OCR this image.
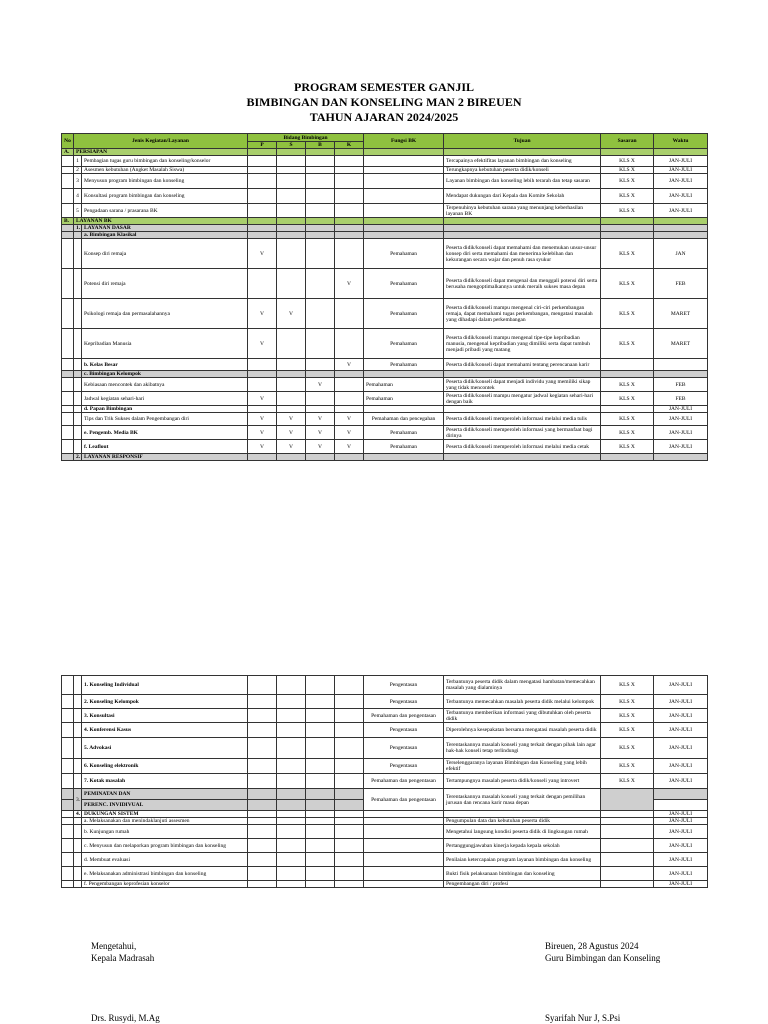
PROGRAM SEMESTER GANJIL
BIMBINGAN DAN KONSELING MAN 2 BIREUEN
TAHUN AJARAN 2024/2025
No	Jenis Kegiatan/Layanan		Bidang Bimbingan				Fungsi BK	Tujuan	Sasaran	Waktu
			P	S	B	K				
A.	PERSIAPAN									
	1	Pembagian tugas guru bimbingan dan konseling/konselor						Tercapainya efektifitas layanan bimbingan dan konseling	KLS X	JAN-JULI
	2	Asesmen kebutuhan (Angket Masalah Siswa)						Terungkapnya kebutuhan peserta didik/konseli	KLS X	JAN-JULI
	3	Menyusun program bimbingan dan konseling						Layanan bimbingan dan konseling lebih terarah dan tetap sasaran	KLS X	JAN-JULI
	4	Konsultasi program bimbingan dan konseling						Mendapat dukungan dari Kepala dan Komite Sekolah	KLS X	JAN-JULI
	5	Pengadaan sarana / prasarana BK						Terpenuhinya kebutuhan sarana yang menunjang keberhasilan layanan BK	KLS X	JAN-JULI
B.	LAYANAN BK									
	1.	LAYANAN DASAR								
		a. Bimbingan Klasikal								
		Konsep diri remaja	V				Pemahaman	Peserta didik/konseli dapat memahami dan menemukan unsur-unsur konsep diri serta memahami dan menerima kelebihan dan kekurangan secara wajar dan penuh rasa syukur	KLS X	JAN
		Potensi diri remaja				V	Pemahaman	Peserta didik/konseli dapat mengenal dan menggali potensi diri serta berusaha mengoptimalkannya untuk meraih sukses masa depan	KLS X	FEB
		Psikologi remaja dan permasalahannya	V	V			Pemahaman	Peserta didik/konseli mampu mengenal ciri-ciri perkembangan remaja, dapat memahami tugas perkembangan, mengatasi masalah yang dihadapi dalam perkembangan	KLS X	MARET
		Kepribadian Manusia	V				Pemahaman	Peserta didik/konseli mampu mengenal tipe-tipe kepribadian manusia, mengenal kepribadian yang dimiliki serta dapat tumbuh menjadi pribadi yang matang	KLS X	MARET
		b. Kelas Besar				V	Pemahaman	Peserta didik/konseli dapat memahami tentang perencanaan karir		
		c. Bimbingan Kelompok								
		Kebiasaan mencontek dan akibatnya			V		Pemahaman	Peserta didik/konseli dapat menjadi individu yang memiliki sikap yang tidak mencontek	KLS X	FEB
		Jadwal kegiatan sehari-hari	V				Pemahaman	Peserta didik/konseli mampu mengatur jadwal kegiatan sehari-hari dengan baik	KLS X	FEB
		d. Papan Bimbingan								JAN-JULI
		Tips dan Trik Sukses dalam Pengembangan diri	V	V	V	V	Pemahaman dan pencegahan	Peserta didik/konseli memperoleh informasi melalui media tulis	KLS X	JAN-JULI
		e. Pengemb. Media BK	V	V	V	V	Pemahaman	Peserta didik/konseli memperoleh informasi yang bermanfaat bagi dirinya	KLS X	JAN-JULI
		f. Leaflout	V	V	V	V	Pemahaman	Peserta didik/konseli memperoleh informasi melalui media cetak	KLS X	JAN-JULI
	2.	LAYANAN RESPONSIF								
		1. Konseling Individual					Pengentasan	Terbantunya peserta didik dalam mengatasi hambatan/memecahkan masalah yang dialaminya	KLS X	JAN-JULI
		2. Konseling Kelompok					Pengentasan	Terbantunya memecahkan masalah peserta didik melalui kelompok	KLS X	JAN-JULI
		3. Konsultasi					Pemahaman dan pengentasan	Terbantunya memberikan informasi yang dibutuhkan oleh peserta didik	KLS X	JAN-JULI
		4. Konferensi Kasus					Pengentasan	Diperolehnya kesepakatan bersama mengatasi masalah peserta didik	KLS X	JAN-JULI
		5. Advokasi					Pengentasan	Terentaskannya masalah konseli yang terkait dengan pihak lain agar hak-hak konseli tetap terlindungi	KLS X	JAN-JULI
		6. Konseling elektronik					Pengentasan	Terselenggaranya layanan Bimbingan dan Konseling yang lebih efektif	KLS X	JAN-JULI
		7. Kotak masalah					Pemahaman dan pengentasan	Tertampungnya masalah peserta didik/konseli yang introvert	KLS X	JAN-JULI
	3.	PEMINATAN DAN					Pemahaman dan pengentasan	Terentaskannya masalah konseli yang terkait dengan pemilihan jurusan dan rencana karir masa depan		
		PERENC. INVIDIVUAL								
	4.	DUKUNGAN SISTEM								JAN-JULI
		a. Melaksanakan dan menindaklanjuti assesmen						Pengumpulan data dan kebutuhan peserta didik		JAN-JULI
		b. Kunjungan rumah						Mengetahui langsung kondisi peserta didik di lingkungan rumah		JAN-JULI
		c. Menyusun dan melaporkan program bimbingan dan konseling						Pertanggungjawaban kinerja kepada kepala sekolah		JAN-JULI
		d. Membuat evaluasi						Penilaian ketercapaian program layanan bimbingan dan konseling		JAN-JULI
		e. Melaksanakan administrasi bimbingan dan konseling						Bukti fisik pelaksanaan bimbingan dan konseling		JAN-JULI
		f. Pengembangan keprofesian konselor						Pengembangan diri / profesi		JAN-JULI
Mengetahui,
Kepala Madrasah
Drs. Rusydi, M.Ag
Bireuen, 28 Agustus 2024
Guru Bimbingan dan Konseling
Syarifah Nur J, S.Psi
